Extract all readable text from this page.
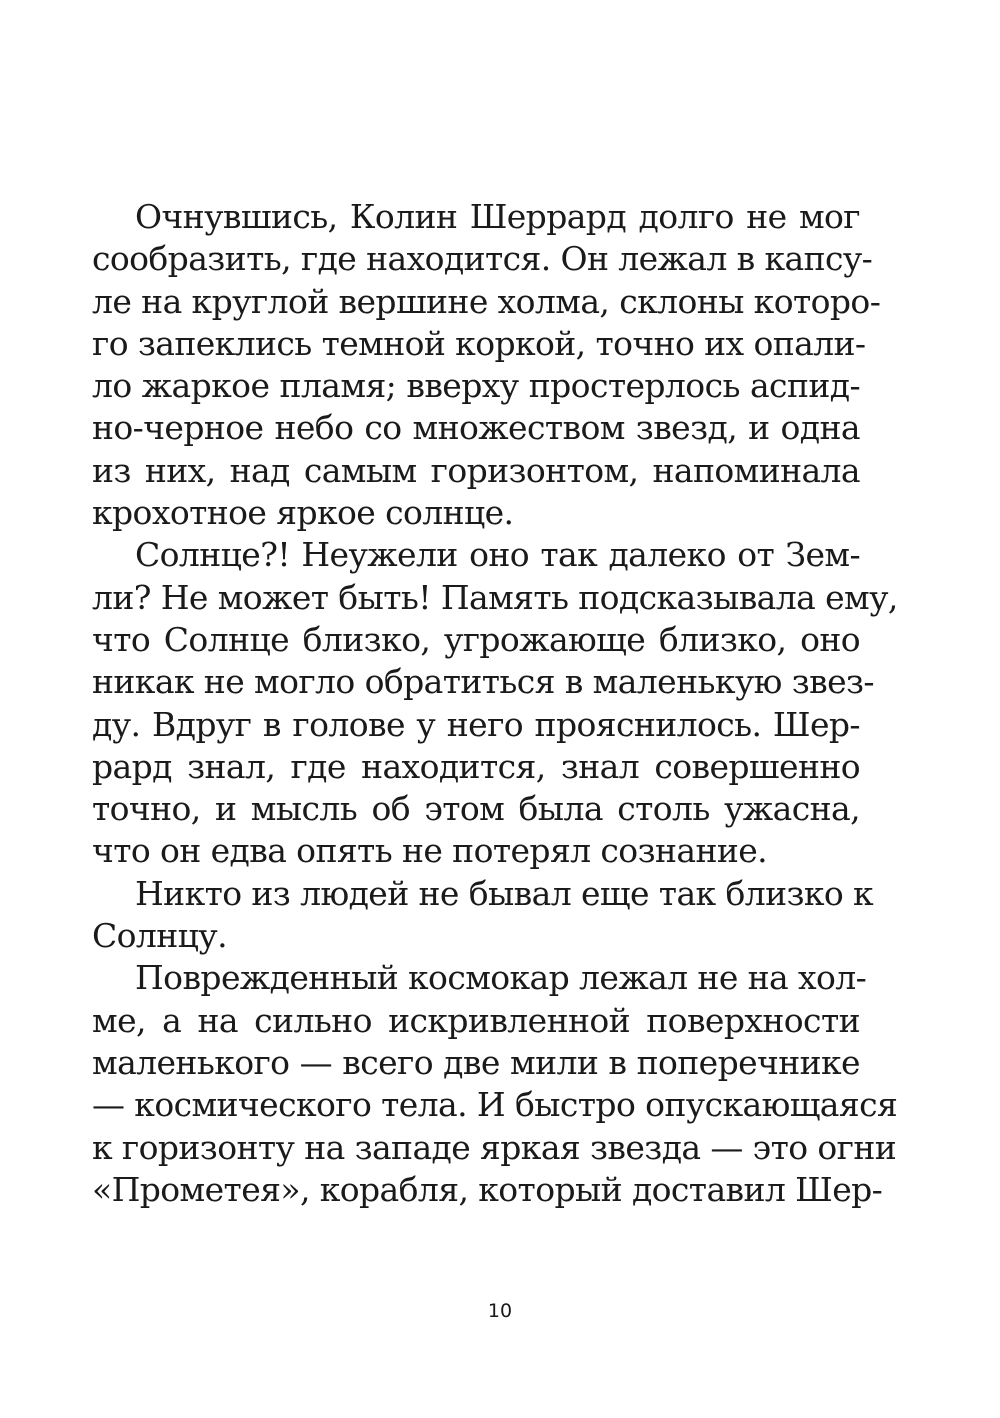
Очнувшись, Колин Шеррард долго не мог
сообразить, где находится. Он лежал в капсу-
ле на круглой вершине холма, склоны которо-
го запеклись темной коркой, точно их опали-
ло жаркое пламя; вверху простерлось аспид-
но-черное небо со множеством звезд, и одна
из них, над самым горизонтом, напоминала
крохотное яркое солнце.
Солнце?! Неужели оно так далеко от Зем-
ли? Не может быть! Память подсказывала ему,
что Солнце близко, угрожающе близко, оно
никак не могло обратиться в маленькую звез-
ду. Вдруг в голове у него прояснилось. Шер-
рард знал, где находится, знал совершенно
точно, и мысль об этом была столь ужасна,
что он едва опять не потерял сознание.
Никто из людей не бывал еще так близко к
Солнцу.
Поврежденный космокар лежал не на хол-
ме, а на сильно искривленной поверхности
маленького — всего две мили в поперечнике
— космического тела. И быстро опускающаяся
к горизонту на западе яркая звезда — это огни
«Прометея», корабля, который доставил Шер-
10
